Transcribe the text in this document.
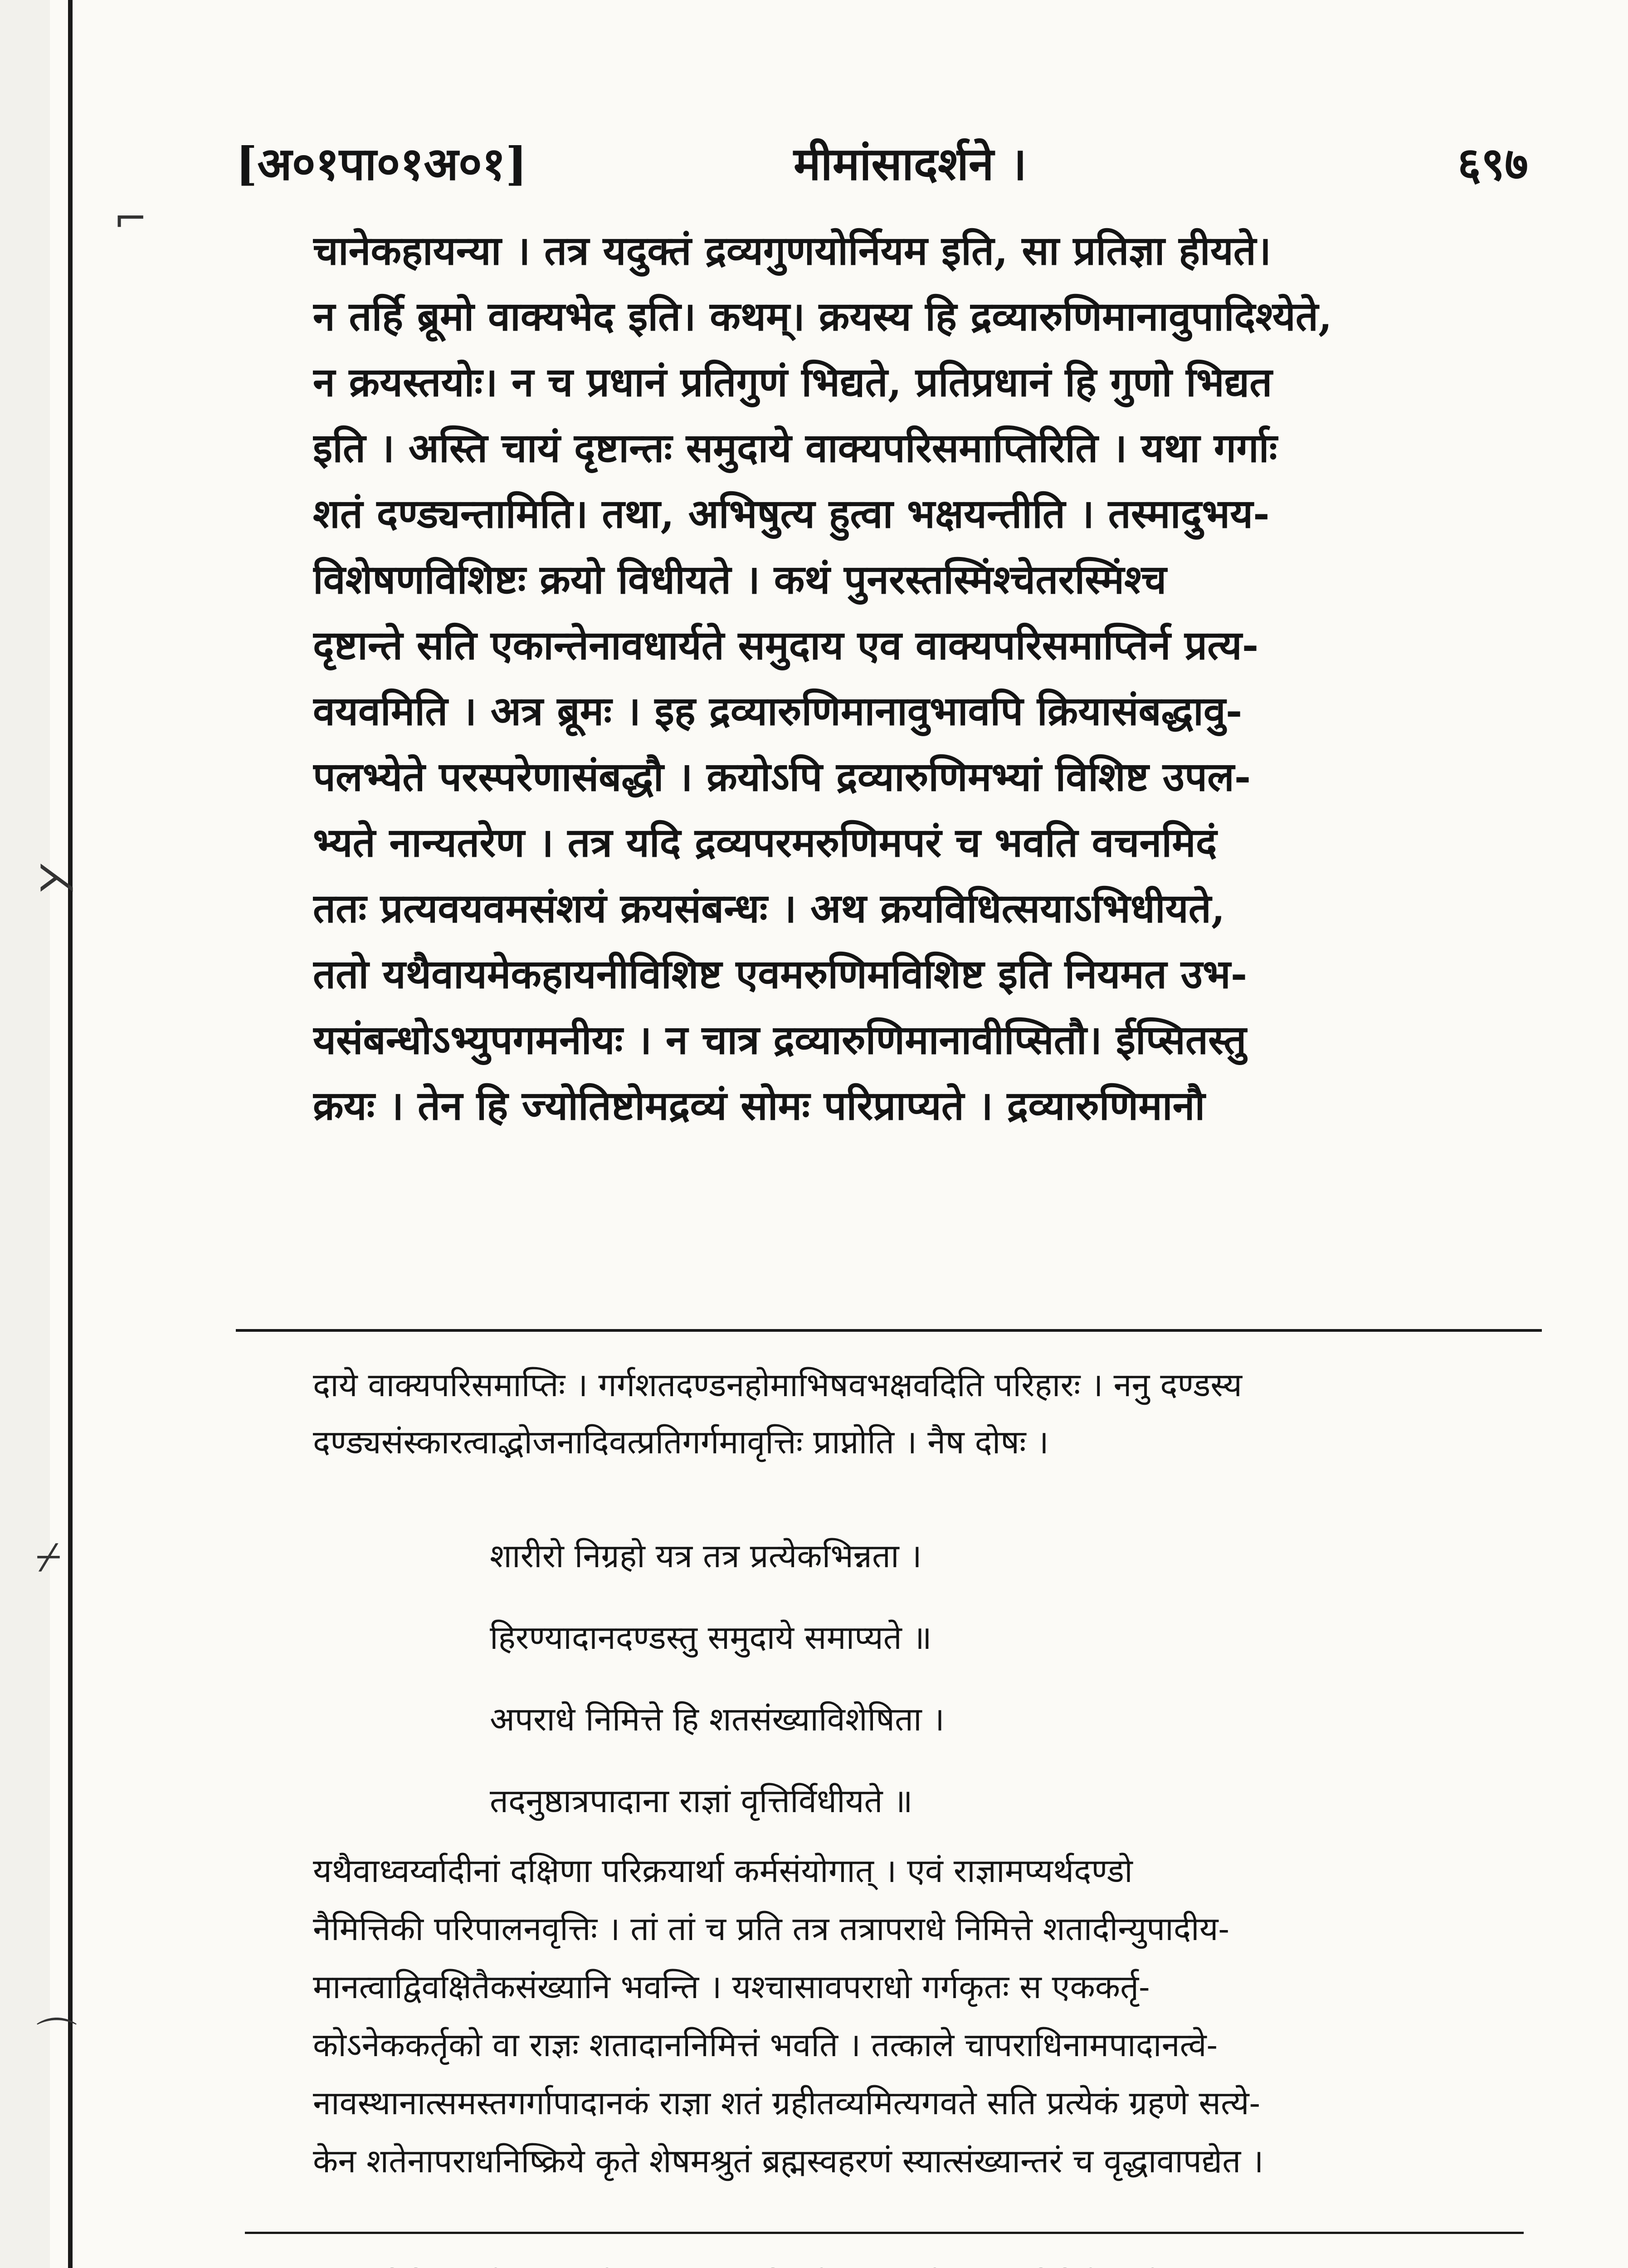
⌐
⋋
⌿
⌒
[अ०१पा०१अ०१]	मीमांसादर्शने ।	६९७
चानेकहायन्या । तत्र यदुक्तं द्रव्यगुणयोर्नियम इति, सा प्रतिज्ञा हीयते।
न तर्हि ब्रूमो वाक्यभेद इति। कथम्। क्रयस्य हि द्रव्यारुणिमानावुपादिश्येते,
न क्रयस्तयोः। न च प्रधानं प्रतिगुणं भिद्यते, प्रतिप्रधानं हि गुणो भिद्यत
इति । अस्ति चायं दृष्टान्तः समुदाये वाक्यपरिसमाप्तिरिति । यथा गर्गाः
शतं दण्ड्यन्तामिति। तथा, अभिषुत्य हुत्वा भक्षयन्तीति । तस्मादुभय-
विशेषणविशिष्टः क्रयो विधीयते । कथं पुनरस्तस्मिंश्चेतरस्मिंश्च
दृष्टान्ते सति एकान्तेनावधार्यते समुदाय एव वाक्यपरिसमाप्तिर्न प्रत्य-
वयवमिति । अत्र ब्रूमः । इह द्रव्यारुणिमानावुभावपि क्रियासंबद्धावु-
पलभ्येते परस्परेणासंबद्धौ । क्रयोऽपि द्रव्यारुणिमभ्यां विशिष्ट उपल-
भ्यते नान्यतरेण । तत्र यदि द्रव्यपरमरुणिमपरं च भवति वचनमिदं
ततः प्रत्यवयवमसंशयं क्रयसंबन्धः । अथ क्रयविधित्सयाऽभिधीयते,
ततो यथैवायमेकहायनीविशिष्ट एवमरुणिमविशिष्ट इति नियमत उभ-
यसंबन्धोऽभ्युपगमनीयः । न चात्र द्रव्यारुणिमानावीप्सितौ। ईप्सितस्तु
क्रयः । तेन हि ज्योतिष्टोमद्रव्यं सोमः परिप्राप्यते । द्रव्यारुणिमानौ
दाये वाक्यपरिसमाप्तिः । गर्गशतदण्डनहोमाभिषवभक्षवदिति परिहारः । ननु दण्डस्य
दण्ड्यसंस्कारत्वाद्भोजनादिवत्प्रतिगर्गमावृत्तिः प्राप्नोति । नैष दोषः ।
शारीरो निग्रहो यत्र तत्र प्रत्येकभिन्नता ।
हिरण्यादानदण्डस्तु समुदाये समाप्यते ॥
अपराधे निमित्ते हि शतसंख्याविशेषिता ।
तदनुष्ठात्रपादाना राज्ञां वृत्तिर्विधीयते ॥
यथैवाध्वर्य्वादीनां दक्षिणा परिक्रयार्था कर्मसंयोगात् । एवं राज्ञामप्यर्थदण्डो
नैमित्तिकी परिपालनवृत्तिः । तां तां च प्रति तत्र तत्रापराधे निमित्ते शतादीन्युपादीय-
मानत्वाद्विवक्षितैकसंख्यानि भवन्ति । यश्चासावपराधो गर्गकृतः स एककर्तृ-
कोऽनेककर्तृको वा राज्ञः शतादाननिमित्तं भवति । तत्काले चापराधिनामपादानत्वे-
नावस्थानात्समस्तगर्गापादानकं राज्ञा शतं ग्रहीतव्यमित्यगवते सति प्रत्येकं ग्रहणे सत्ये-
केन शतेनापराधनिष्क्रिये कृते शेषमश्रुतं ब्रह्मस्वहरणं स्यात्संख्यान्तरं च वृद्धावापद्येत ।
